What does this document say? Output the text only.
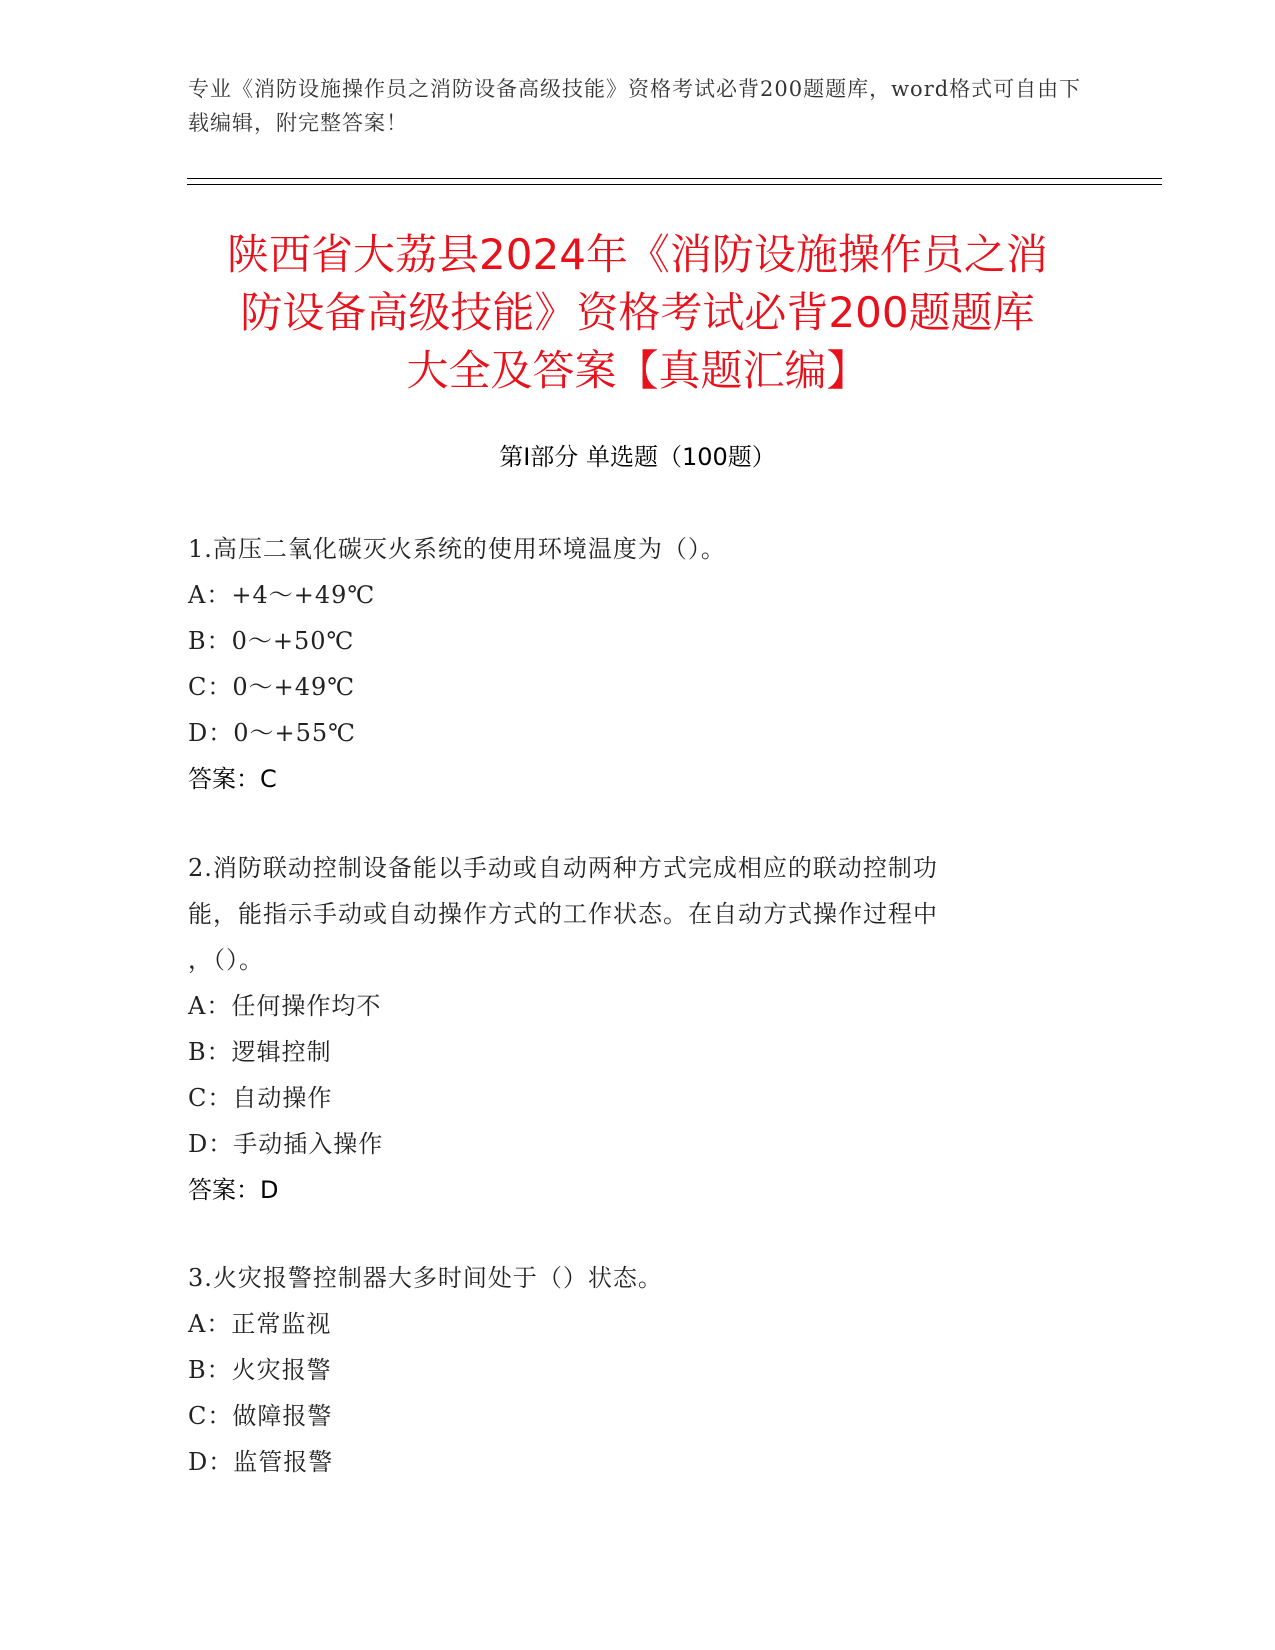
专业《消防设施操作员之消防设备高级技能》资格考试必背200题题库，word格式可自由下载编辑，附完整答案！
陕西省大荔县2024年《消防设施操作员之消
防设备高级技能》资格考试必背200题题库
大全及答案【真题汇编】
第I部分 单选题（100题）

1.高压二氧化碳灭火系统的使用环境温度为（）。

A：+4～+49℃

B：0～+50℃

C：0～+49℃

D：0～+55℃

答案：C

2.消防联动控制设备能以手动或自动两种方式完成相应的联动控制功

能，能指示手动或自动操作方式的工作状态。在自动方式操作过程中

，（）。

A：任何操作均不

B：逻辑控制

C：自动操作

D：手动插入操作

答案：D

3.火灾报警控制器大多时间处于（）状态。

A：正常监视

B：火灾报警

C：做障报警

D：监管报警
